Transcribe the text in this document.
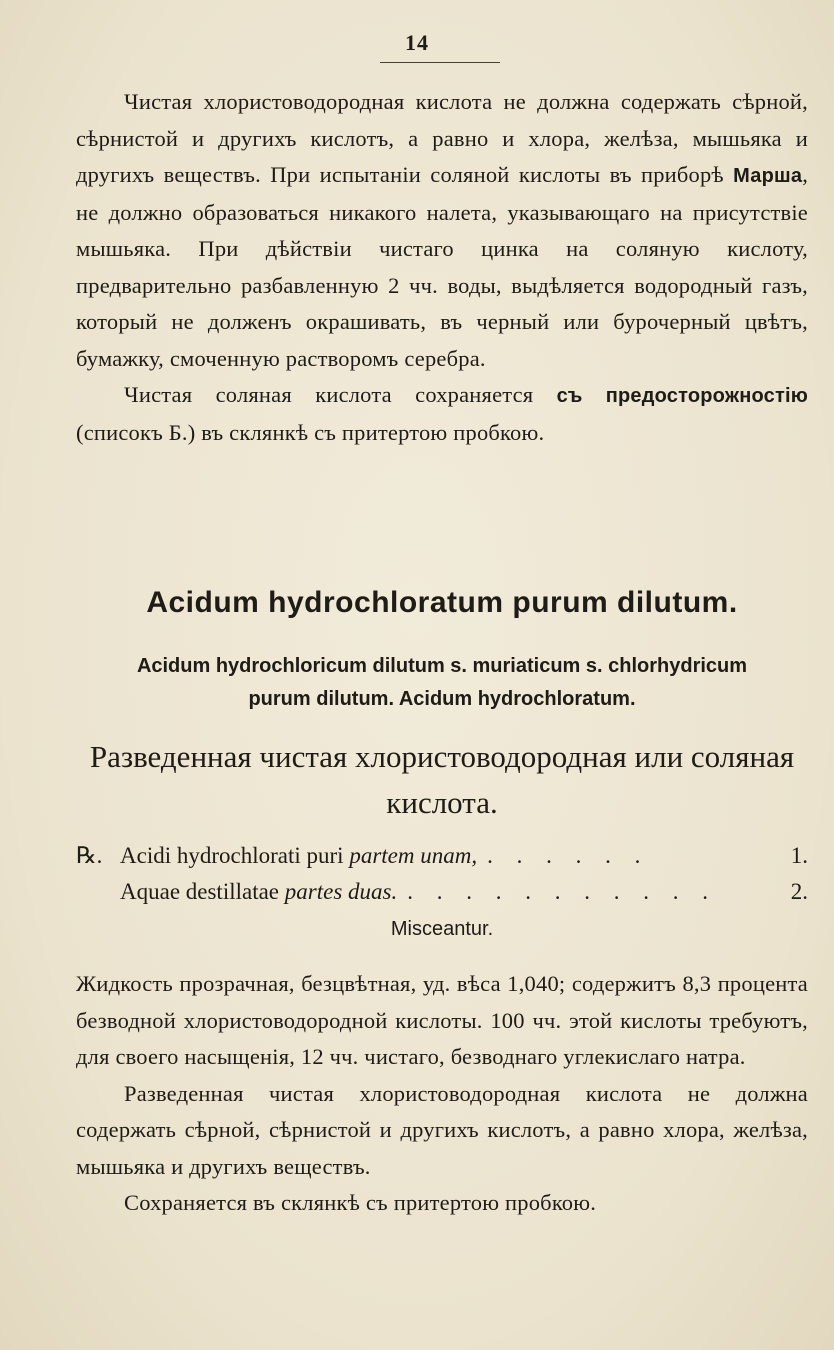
14

Чистая хлористоводородная кислота не должна содержать сѣрной, сѣрнистой и другихъ кислотъ, а равно и хлора, желѣза, мышьяка и другихъ веществъ. При испытаніи соляной кислоты въ приборѣ Марша, не должно образоваться никакого налета, указывающаго на присутствіе мышьяка. При дѣйствіи чистаго цинка на соляную кислоту, предварительно разбавленную 2 чч. воды, выдѣляется водородный газъ, который не долженъ окрашивать, въ черный или бурочерный цвѣтъ, бумажку, смоченную растворомъ серебра.

Чистая соляная кислота сохраняется съ предосторожностію (списокъ Б.) въ склянкѣ съ притертою пробкою.

Acidum hydrochloratum purum dilutum.
Acidum hydrochloricum dilutum s. muriaticum s. chlorhydricum
purum dilutum. Acidum hydrochloratum.
Разведенная чистая хлористоводородная или соляная кислота.
℞. Acidi hydrochlorati puri partem unam, . . . . . .	1.
Aquae destillatae partes duas. . . . . . . . . . . .	2.
Misceantur.

Жидкость прозрачная, безцвѣтная, уд. вѣса 1,040; содержитъ 8,3 процента безводной хлористоводородной кислоты. 100 чч. этой кислоты требуютъ, для своего насыщенія, 12 чч. чистаго, безводнаго углекислаго натра.

Разведенная чистая хлористоводородная кислота не должна содержать сѣрной, сѣрнистой и другихъ кислотъ, а равно хлора, желѣза, мышьяка и другихъ веществъ.

Сохраняется въ склянкѣ съ притертою пробкою.
